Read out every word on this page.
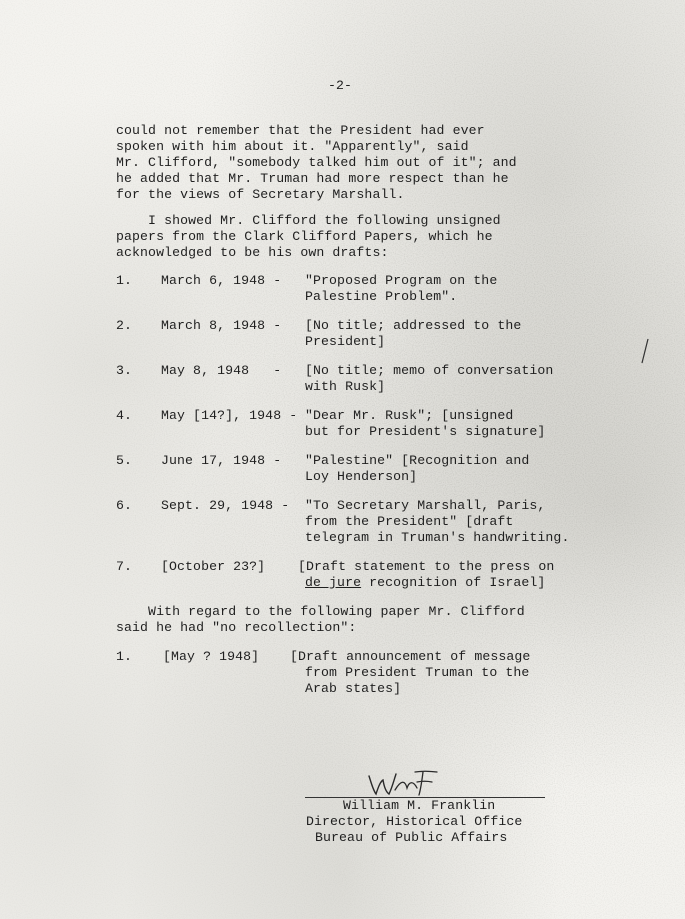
-2-
could not remember that the President had ever
spoken with him about it. "Apparently", said
Mr. Clifford, "somebody talked him out of it"; and
he added that Mr. Truman had more respect than he
for the views of Secretary Marshall.
I showed Mr. Clifford the following unsigned
papers from the Clark Clifford Papers, which he
acknowledged to be his own drafts:
1. March 6, 1948 - "Proposed Program on the
Palestine Problem".
2. March 8, 1948 - [No title; addressed to the
President]
3. May 8, 1948   - [No title; memo of conversation
with Rusk]
4. May [14?], 1948 - "Dear Mr. Rusk"; [unsigned
but for President's signature]
5. June 17, 1948 - "Palestine" [Recognition and
Loy Henderson]
6. Sept. 29, 1948 - "To Secretary Marshall, Paris,
from the President" [draft
telegram in Truman's handwriting.
7. [October 23?] [Draft statement to the press on
de jure recognition of Israel]
With regard to the following paper Mr. Clifford
said he had "no recollection":
1. [May ? 1948] [Draft announcement of message
from President Truman to the
Arab states]
William M. Franklin
Director, Historical Office
Bureau of Public Affairs
